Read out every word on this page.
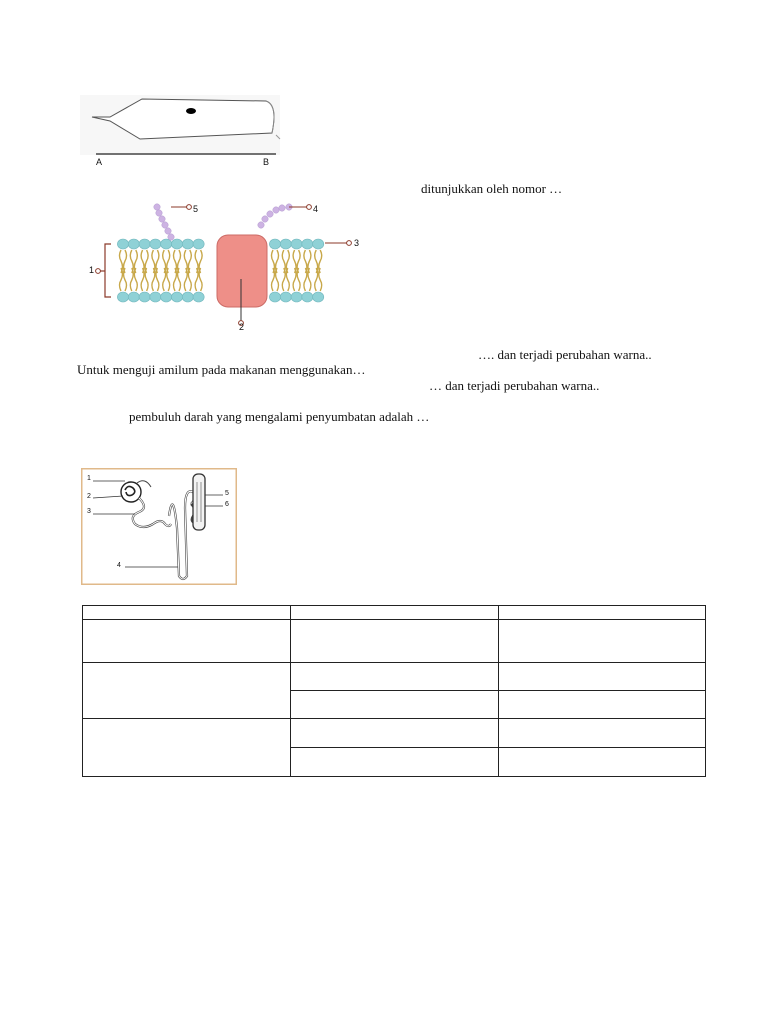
A	B
1
2
3
4
5
ditunjukkan oleh nomor …
…. dan terjadi perubahan warna..
Untuk menguji amilum pada makanan menggunakan…
… dan terjadi perubahan warna..
pembuluh darah yang mengalami penyumbatan adalah …
1
2
3
4
5
6
